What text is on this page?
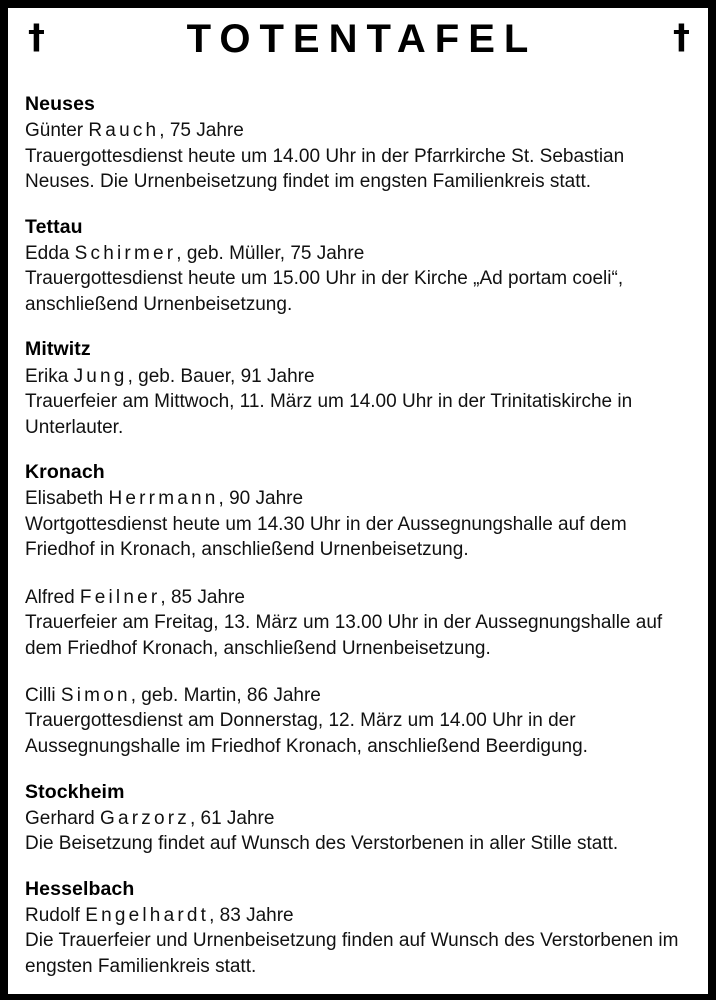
†	TOTENTAFEL	†
Neuses
Günter Rauch, 75 Jahre
Trauergottesdienst heute um 14.00 Uhr in der Pfarrkirche St. Sebastian Neuses. Die Urnenbeisetzung findet im engsten Familienkreis statt.
Tettau
Edda Schirmer, geb. Müller, 75 Jahre
Trauergottesdienst heute um 15.00 Uhr in der Kirche „Ad portam coeli“, anschließend Urnenbeisetzung.
Mitwitz
Erika Jung, geb. Bauer, 91 Jahre
Trauerfeier am Mittwoch, 11. März um 14.00 Uhr in der Trinitatiskirche in Unterlauter.
Kronach
Elisabeth Herrmann, 90 Jahre
Wortgottesdienst heute um 14.30 Uhr in der Aussegnungshalle auf dem Friedhof in Kronach, anschließend Urnenbeisetzung.
Alfred Feilner, 85 Jahre
Trauerfeier am Freitag, 13. März um 13.00 Uhr in der Aussegnungshalle auf dem Friedhof Kronach, anschließend Urnenbeisetzung.
Cilli Simon, geb. Martin, 86 Jahre
Trauergottesdienst am Donnerstag, 12. März um 14.00 Uhr in der Aussegnungshalle im Friedhof Kronach, anschließend Beerdigung.
Stockheim
Gerhard Garzorz, 61 Jahre
Die Beisetzung findet auf Wunsch des Verstorbenen in aller Stille statt.
Hesselbach
Rudolf Engelhardt, 83 Jahre
Die Trauerfeier und Urnenbeisetzung finden auf Wunsch des Verstorbenen im engsten Familienkreis statt.
